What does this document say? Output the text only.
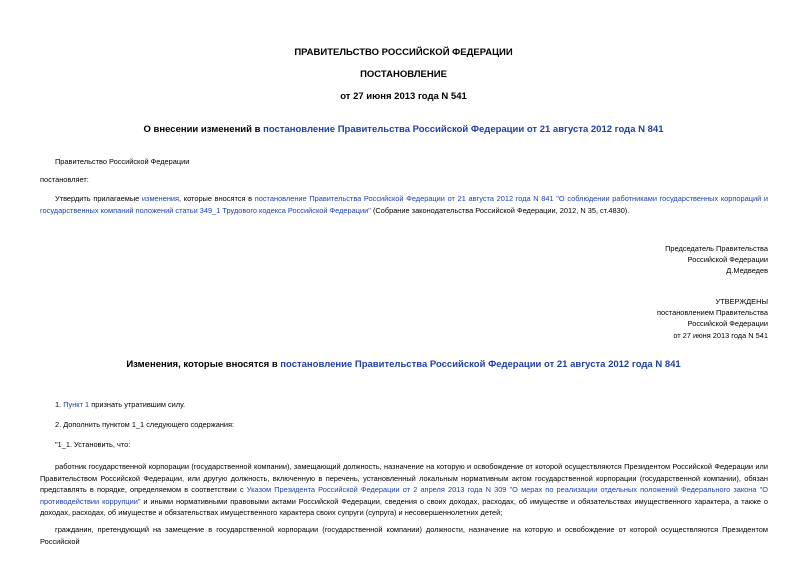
ПРАВИТЕЛЬСТВО РОССИЙСКОЙ ФЕДЕРАЦИИ
ПОСТАНОВЛЕНИЕ
от 27 июня 2013 года N 541
О внесении изменений в постановление Правительства Российской Федерации от 21 августа 2012 года N 841
Правительство Российской Федерации
постановляет:
Утвердить прилагаемые изменения, которые вносятся в постановление Правительства Российской Федерации от 21 августа 2012 года N 841 "О соблюдении работниками государственных корпораций и государственных компаний положений статьи 349_1 Трудового кодекса Российской Федерации" (Собрание законодательства Российской Федерации, 2012, N 35, ст.4830).
Председатель Правительства
Российской Федерации
Д.Медведев
УТВЕРЖДЕНЫ
постановлением Правительства
Российской Федерации
от 27 июня 2013 года N 541
Изменения, которые вносятся в постановление Правительства Российской Федерации от 21 августа 2012 года N 841
1. Пункт 1 признать утратившим силу.
2. Дополнить пунктом 1_1 следующего содержания:
"1_1. Установить, что:
работник государственной корпорации (государственной компании), замещающий должность, назначение на которую и освобождение от которой осуществляются Президентом Российской Федерации или Правительством Российской Федерации, или другую должность, включенную в перечень, установленный локальным нормативным актом государственной корпорации (государственной компании), обязан представлять в порядке, определяемом в соответствии с Указом Президента Российской Федерации от 2 апреля 2013 года N 309 "О мерах по реализации отдельных положений Федерального закона "О противодействии коррупции" и иными нормативными правовыми актами Российской Федерации, сведения о своих доходах, расходах, об имуществе и обязательствах имущественного характера, а также о доходах, расходах, об имуществе и обязательствах имущественного характера своих супруги (супруга) и несовершеннолетних детей;
гражданин, претендующий на замещение в государственной корпорации (государственной компании) должности, назначение на которую и освобождение от которой осуществляются Президентом Российской
